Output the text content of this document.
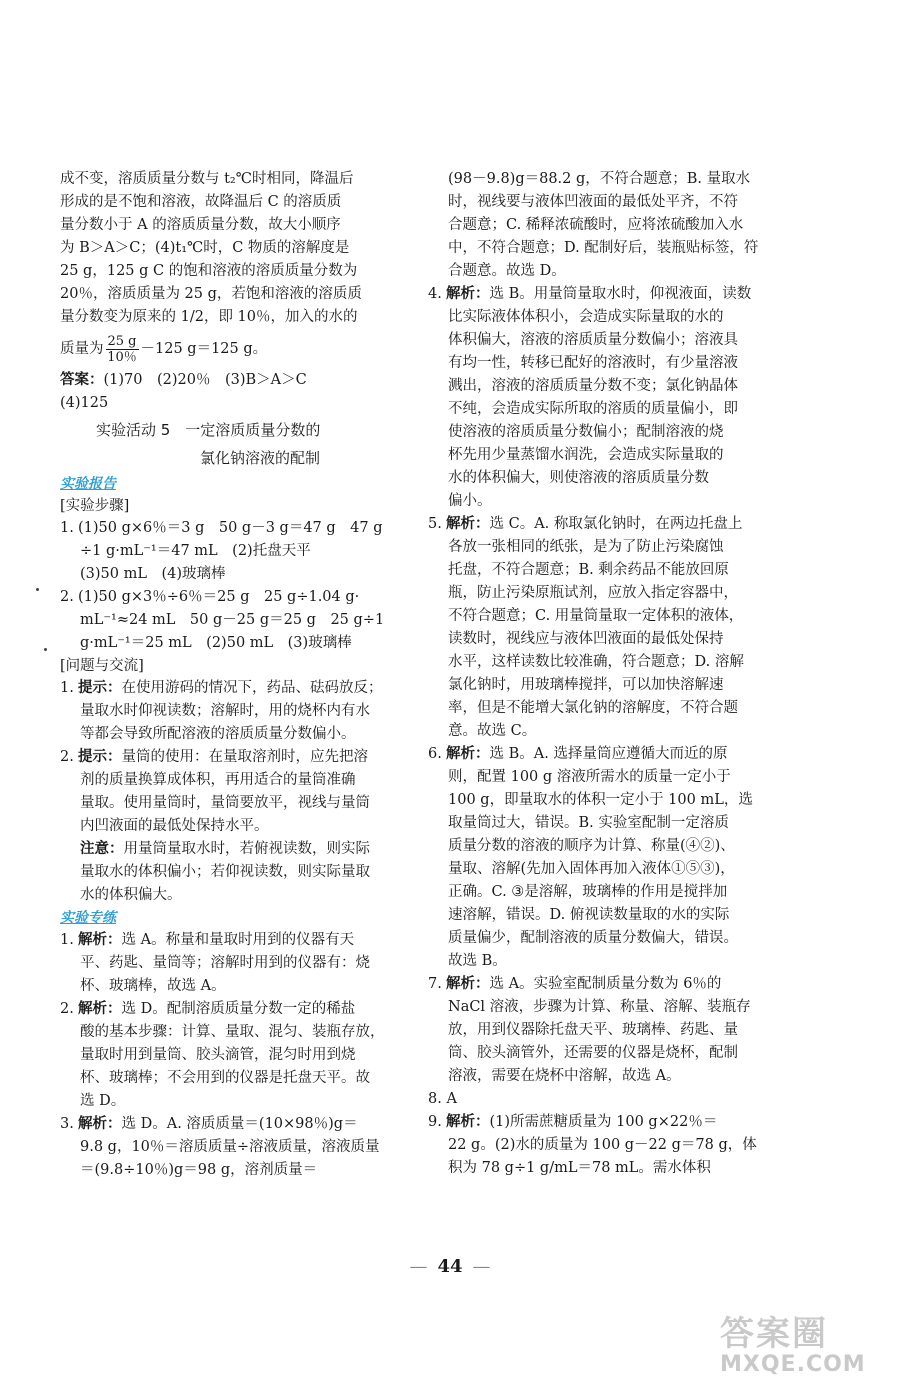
成不变，溶质质量分数与 t₂℃时相同，降温后
形成的是不饱和溶液，故降温后 C 的溶质质
量分数小于 A 的溶质质量分数，故大小顺序
为 B＞A＞C；(4)t₁℃时，C 物质的溶解度是
25 g，125 g C 的饱和溶液的溶质质量分数为
20％，溶质质量为 25 g，若饱和溶液的溶质质
量分数变为原来的 1/2，即 10％，加入的水的
质量为 $\frac{25 g}{10\%} -125$ g＝125 g。
答案：(1)70　(2)20％　(3)B＞A＞C
(4)125
实验活动 5　一定溶质质量分数的
氯化钠溶液的配制
实验报告
[实验步骤]
1. (1)50 g×6％＝3 g　50 g－3 g＝47 g　47 g
÷1 g·mL⁻¹＝47 mL　(2)托盘天平
(3)50 mL　(4)玻璃棒
2. (1)50 g×3％÷6％＝25 g　25 g÷1.04 g·
mL⁻¹≈24 mL　50 g－25 g＝25 g　25 g÷1
g·mL⁻¹＝25 mL　(2)50 mL　(3)玻璃棒
[问题与交流]
1. 提示：在使用游码的情况下，药品、砝码放反；
量取水时仰视读数；溶解时，用的烧杯内有水
等都会导致所配溶液的溶质质量分数偏小。
2. 提示：量筒的使用：在量取溶剂时，应先把溶
剂的质量换算成体积，再用适合的量筒准确
量取。使用量筒时，量筒要放平，视线与量筒
内凹液面的最低处保持水平。
注意：用量筒量取水时，若俯视读数，则实际
量取水的体积偏小；若仰视读数，则实际量取
水的体积偏大。
实验专练
1. 解析：选 A。称量和量取时用到的仪器有天
平、药匙、量筒等；溶解时用到的仪器有：烧
杯、玻璃棒，故选 A。
2. 解析：选 D。配制溶质质量分数一定的稀盐
酸的基本步骤：计算、量取、混匀、装瓶存放，
量取时用到量筒、胶头滴管，混匀时用到烧
杯、玻璃棒；不会用到的仪器是托盘天平。故
选 D。
3. 解析：选 D。A. 溶质质量＝(10×98％)g＝
9.8 g，10％＝溶质质量÷溶液质量，溶液质量
＝(9.8÷10％)g＝98 g，溶剂质量＝
(98－9.8)g＝88.2 g，不符合题意；B. 量取水
时，视线要与液体凹液面的最低处平齐，不符
合题意；C. 稀释浓硫酸时，应将浓硫酸加入水
中，不符合题意；D. 配制好后，装瓶贴标签，符
合题意。故选 D。
4. 解析：选 B。用量筒量取水时，仰视液面，读数
比实际液体体积小，会造成实际量取的水的
体积偏大，溶液的溶质质量分数偏小；溶液具
有均一性，转移已配好的溶液时，有少量溶液
溅出，溶液的溶质质量分数不变；氯化钠晶体
不纯，会造成实际所取的溶质的质量偏小，即
使溶液的溶质质量分数偏小；配制溶液的烧
杯先用少量蒸馏水润洗，会造成实际量取的
水的体积偏大，则使溶液的溶质质量分数
偏小。
5. 解析：选 C。A. 称取氯化钠时，在两边托盘上
各放一张相同的纸张，是为了防止污染腐蚀
托盘，不符合题意；B. 剩余药品不能放回原
瓶，防止污染原瓶试剂，应放入指定容器中，
不符合题意；C. 用量筒量取一定体积的液体，
读数时，视线应与液体凹液面的最低处保持
水平，这样读数比较准确，符合题意；D. 溶解
氯化钠时，用玻璃棒搅拌，可以加快溶解速
率，但是不能增大氯化钠的溶解度，不符合题
意。故选 C。
6. 解析：选 B。A. 选择量筒应遵循大而近的原
则，配置 100 g 溶液所需水的质量一定小于
100 g，即量取水的体积一定小于 100 mL，选
取量筒过大，错误。B. 实验室配制一定溶质
质量分数的溶液的顺序为计算、称量(④②)、
量取、溶解(先加入固体再加入液体①⑤③)，
正确。C. ③是溶解，玻璃棒的作用是搅拌加
速溶解，错误。D. 俯视读数量取的水的实际
质量偏少，配制溶液的质量分数偏大，错误。
故选 B。
7. 解析：选 A。实验室配制质量分数为 6％的
NaCl 溶液，步骤为计算、称量、溶解、装瓶存
放，用到仪器除托盘天平、玻璃棒、药匙、量
筒、胶头滴管外，还需要的仪器是烧杯，配制
溶液，需要在烧杯中溶解，故选 A。
8. A
9. 解析：(1)所需蔗糖质量为 100 g×22％＝
22 g。(2)水的质量为 100 g－22 g＝78 g，体
积为 78 g÷1 g/mL＝78 mL。需水体积
— 44 —
答案圈
MXQE.COM
